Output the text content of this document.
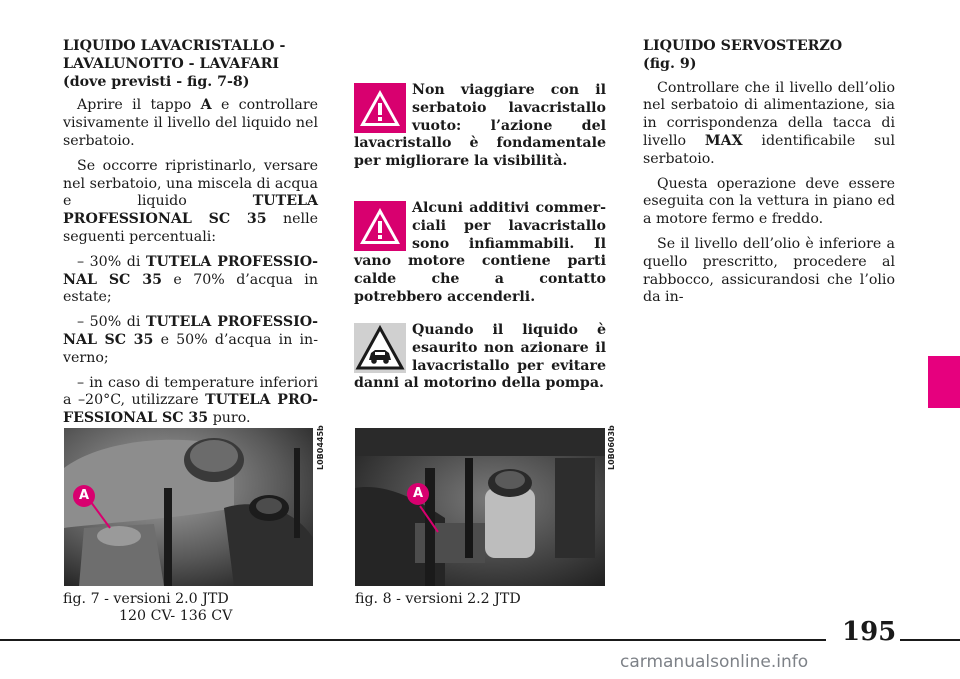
LIQUIDO LAVACRISTALLO - LAVALUNOTTO - LAVAFARI
(dove previsti - fig. 7-8)

Aprire il tappo A e controllare visivamente il livello del liquido nel serbatoio.

Se occorre ripristinarlo, versare nel serbatoio, una miscela di acqua e liquido TUTELA PROFESSIONAL SC 35 nelle seguenti percentuali:

– 30% di TUTELA PROFESSIONAL SC 35 e 70% d’acqua in estate;

– 50% di TUTELA PROFESSIONAL SC 35 e 50% d’acqua in inverno;

– in caso di temperature inferiori a –20°C, utilizzare TUTELA PROFESSIONAL SC 35 puro.

Non viaggiare con il serbatoio lavacristallo vuoto: l’azione del lavacristallo è fondamentale per migliorare la visibilità.
Alcuni additivi commerciali per lavacristallo sono infiammabili. Il vano motore contiene parti calde che a contatto potrebbero accenderli.
Quando il liquido è esaurito non azionare il lavacristallo per evitare danni al motorino della pompa.
LIQUIDO SERVOSTERZO
(fig. 9)

Controllare che il livello dell’olio nel serbatoio di alimentazione, sia in corrispondenza della tacca di livello MAX identificabile sul serbatoio.

Questa operazione deve essere eseguita con la vettura in piano ed a motore fermo e freddo.

Se il livello dell’olio è inferiore a quello prescritto, procedere al rabbocco, assicurandosi che l’olio da in-

A
L0B0445b
fig. 7 - versioni 2.0 JTD
120 CV- 136 CV
A
L0B0603b
fig. 8 - versioni 2.2 JTD
195
carmanualsonline.info
